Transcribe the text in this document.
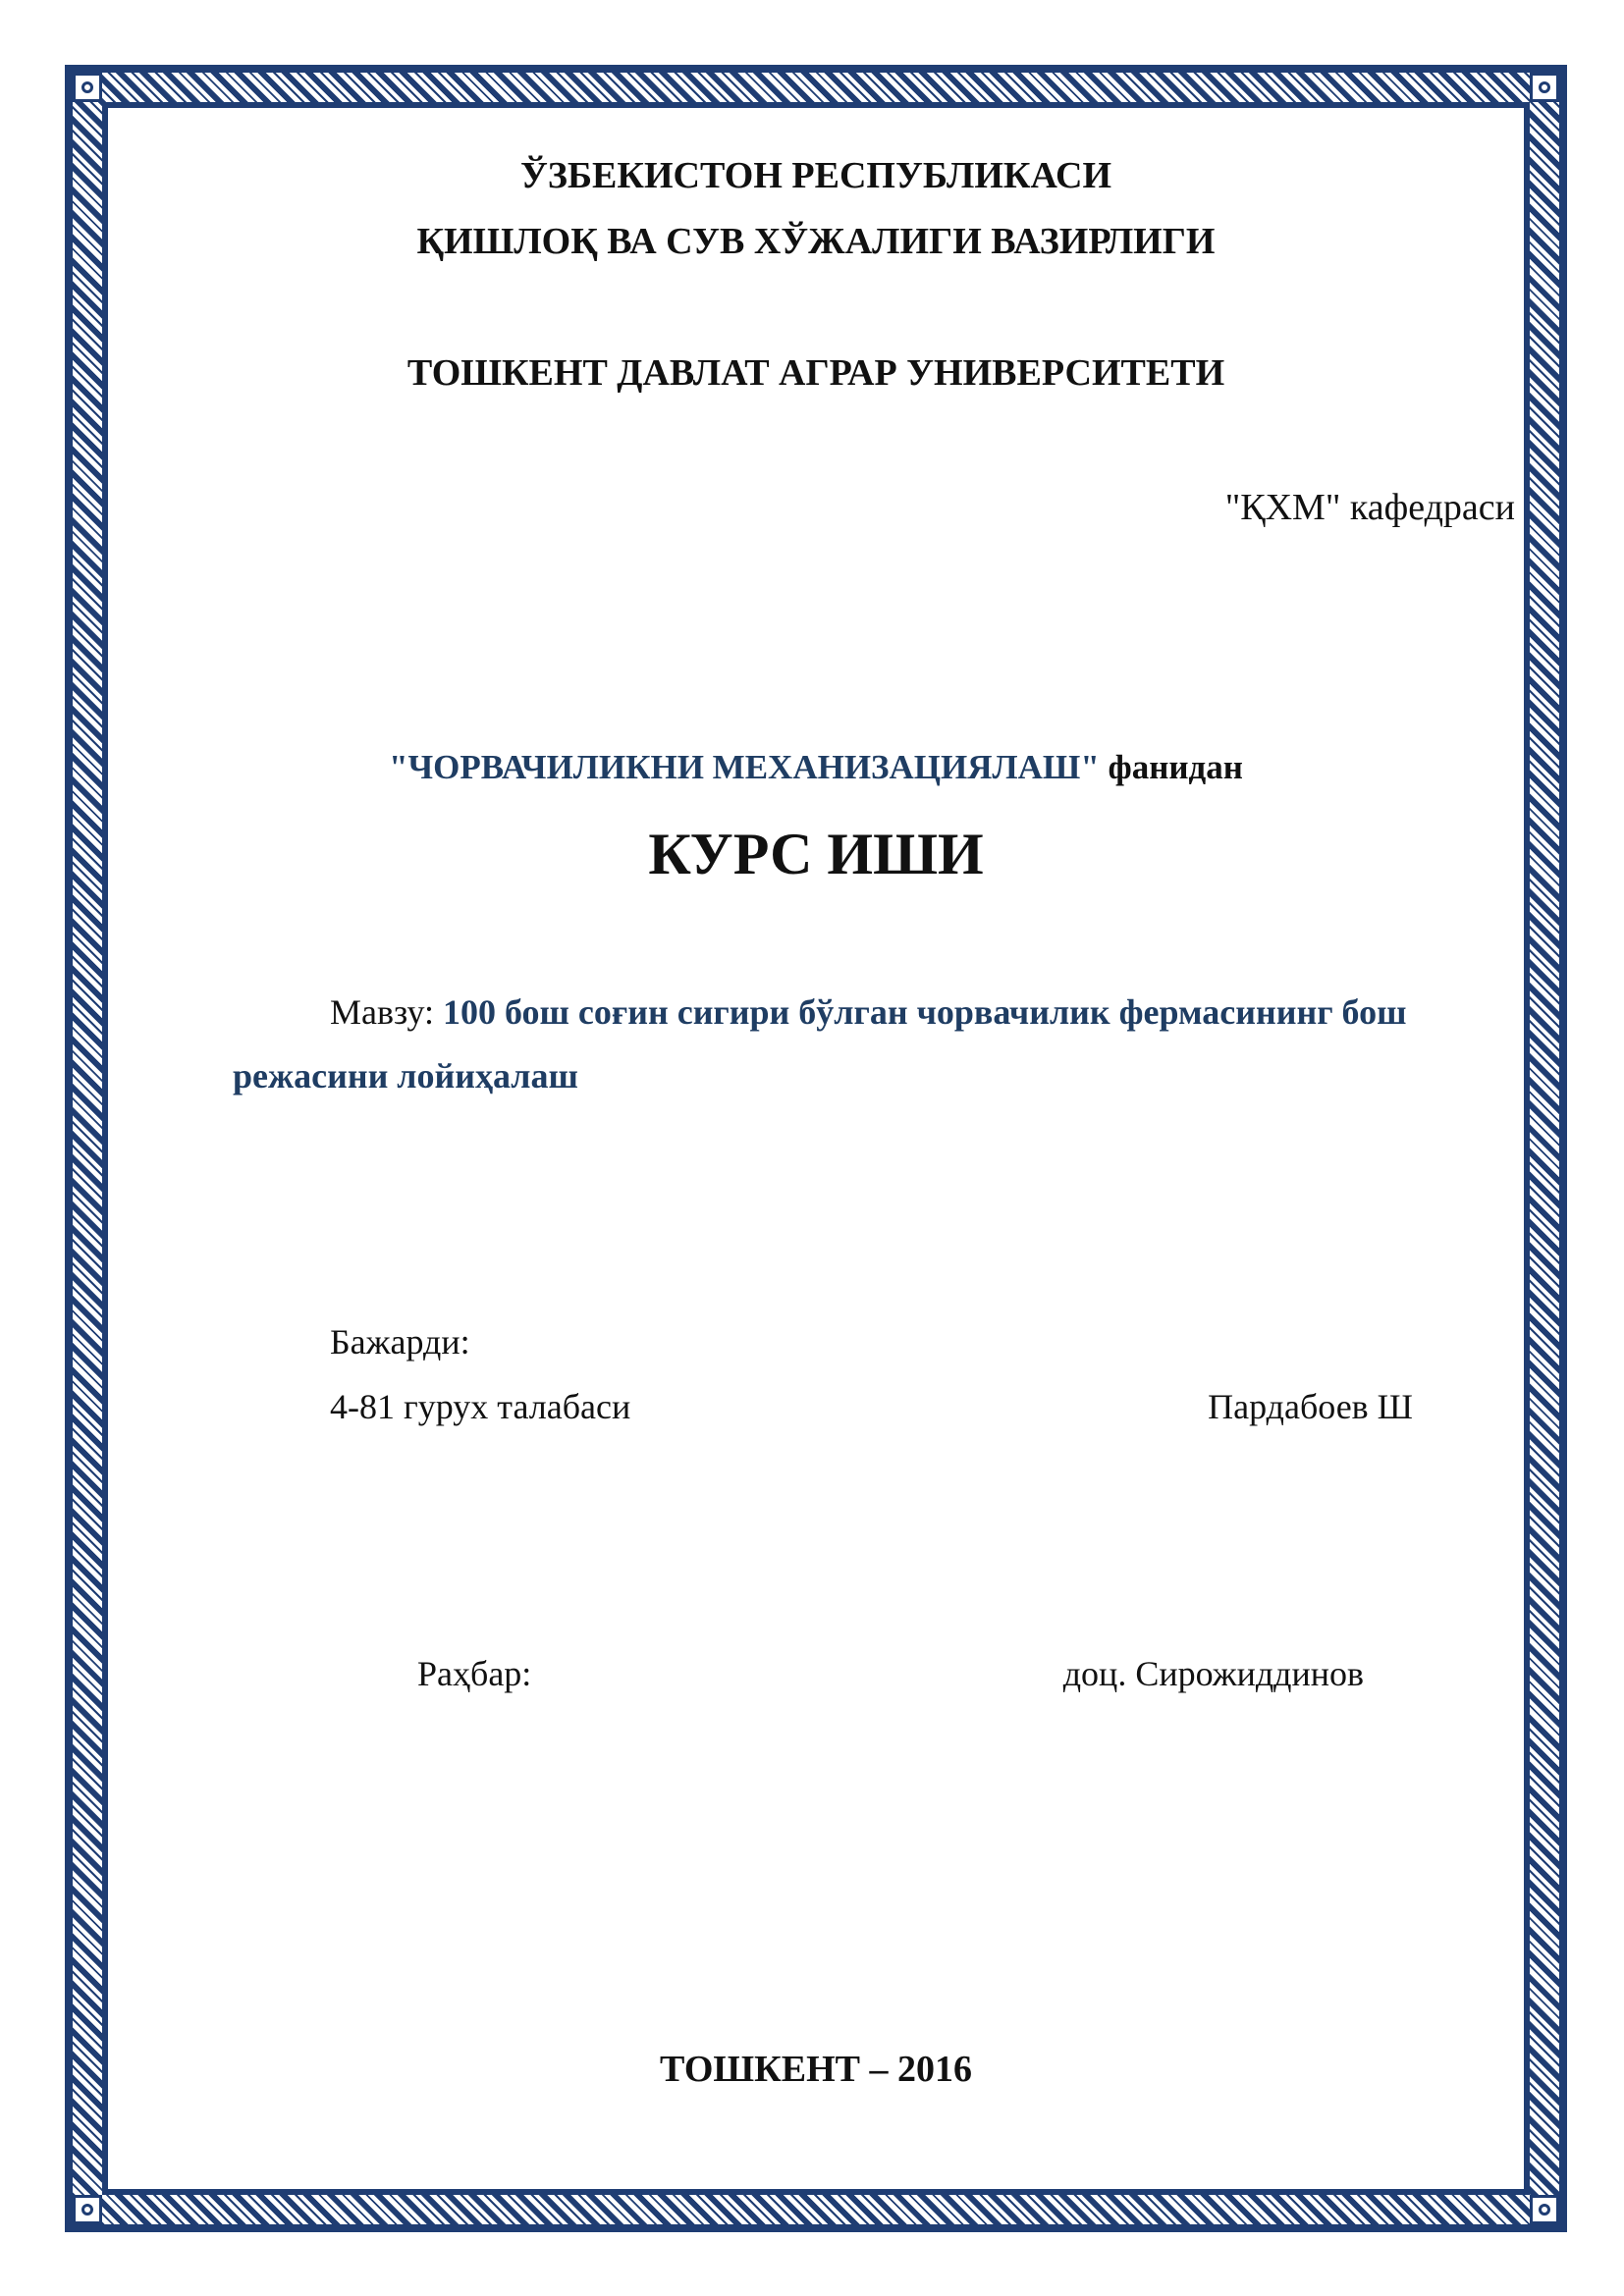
ЎЗБЕКИСТОН РЕСПУБЛИКАСИ
ҚИШЛОҚ ВА СУВ ХЎЖАЛИГИ ВАЗИРЛИГИ
ТОШКЕНТ ДАВЛАТ АГРАР УНИВЕРСИТЕТИ
"ҚХМ" кафедраси
"ЧОРВАЧИЛИКНИ МЕХАНИЗАЦИЯЛАШ" фанидан
КУРС ИШИ
Мавзу: 100 бош соғин сигири бўлган чорвачилик фермасининг бош
режасини лойиҳалаш
Бажарди:
4-81 гурух талабаси	Пардабоев Ш
Раҳбар:	доц. Сирожиддинов
ТОШКЕНТ – 2016
